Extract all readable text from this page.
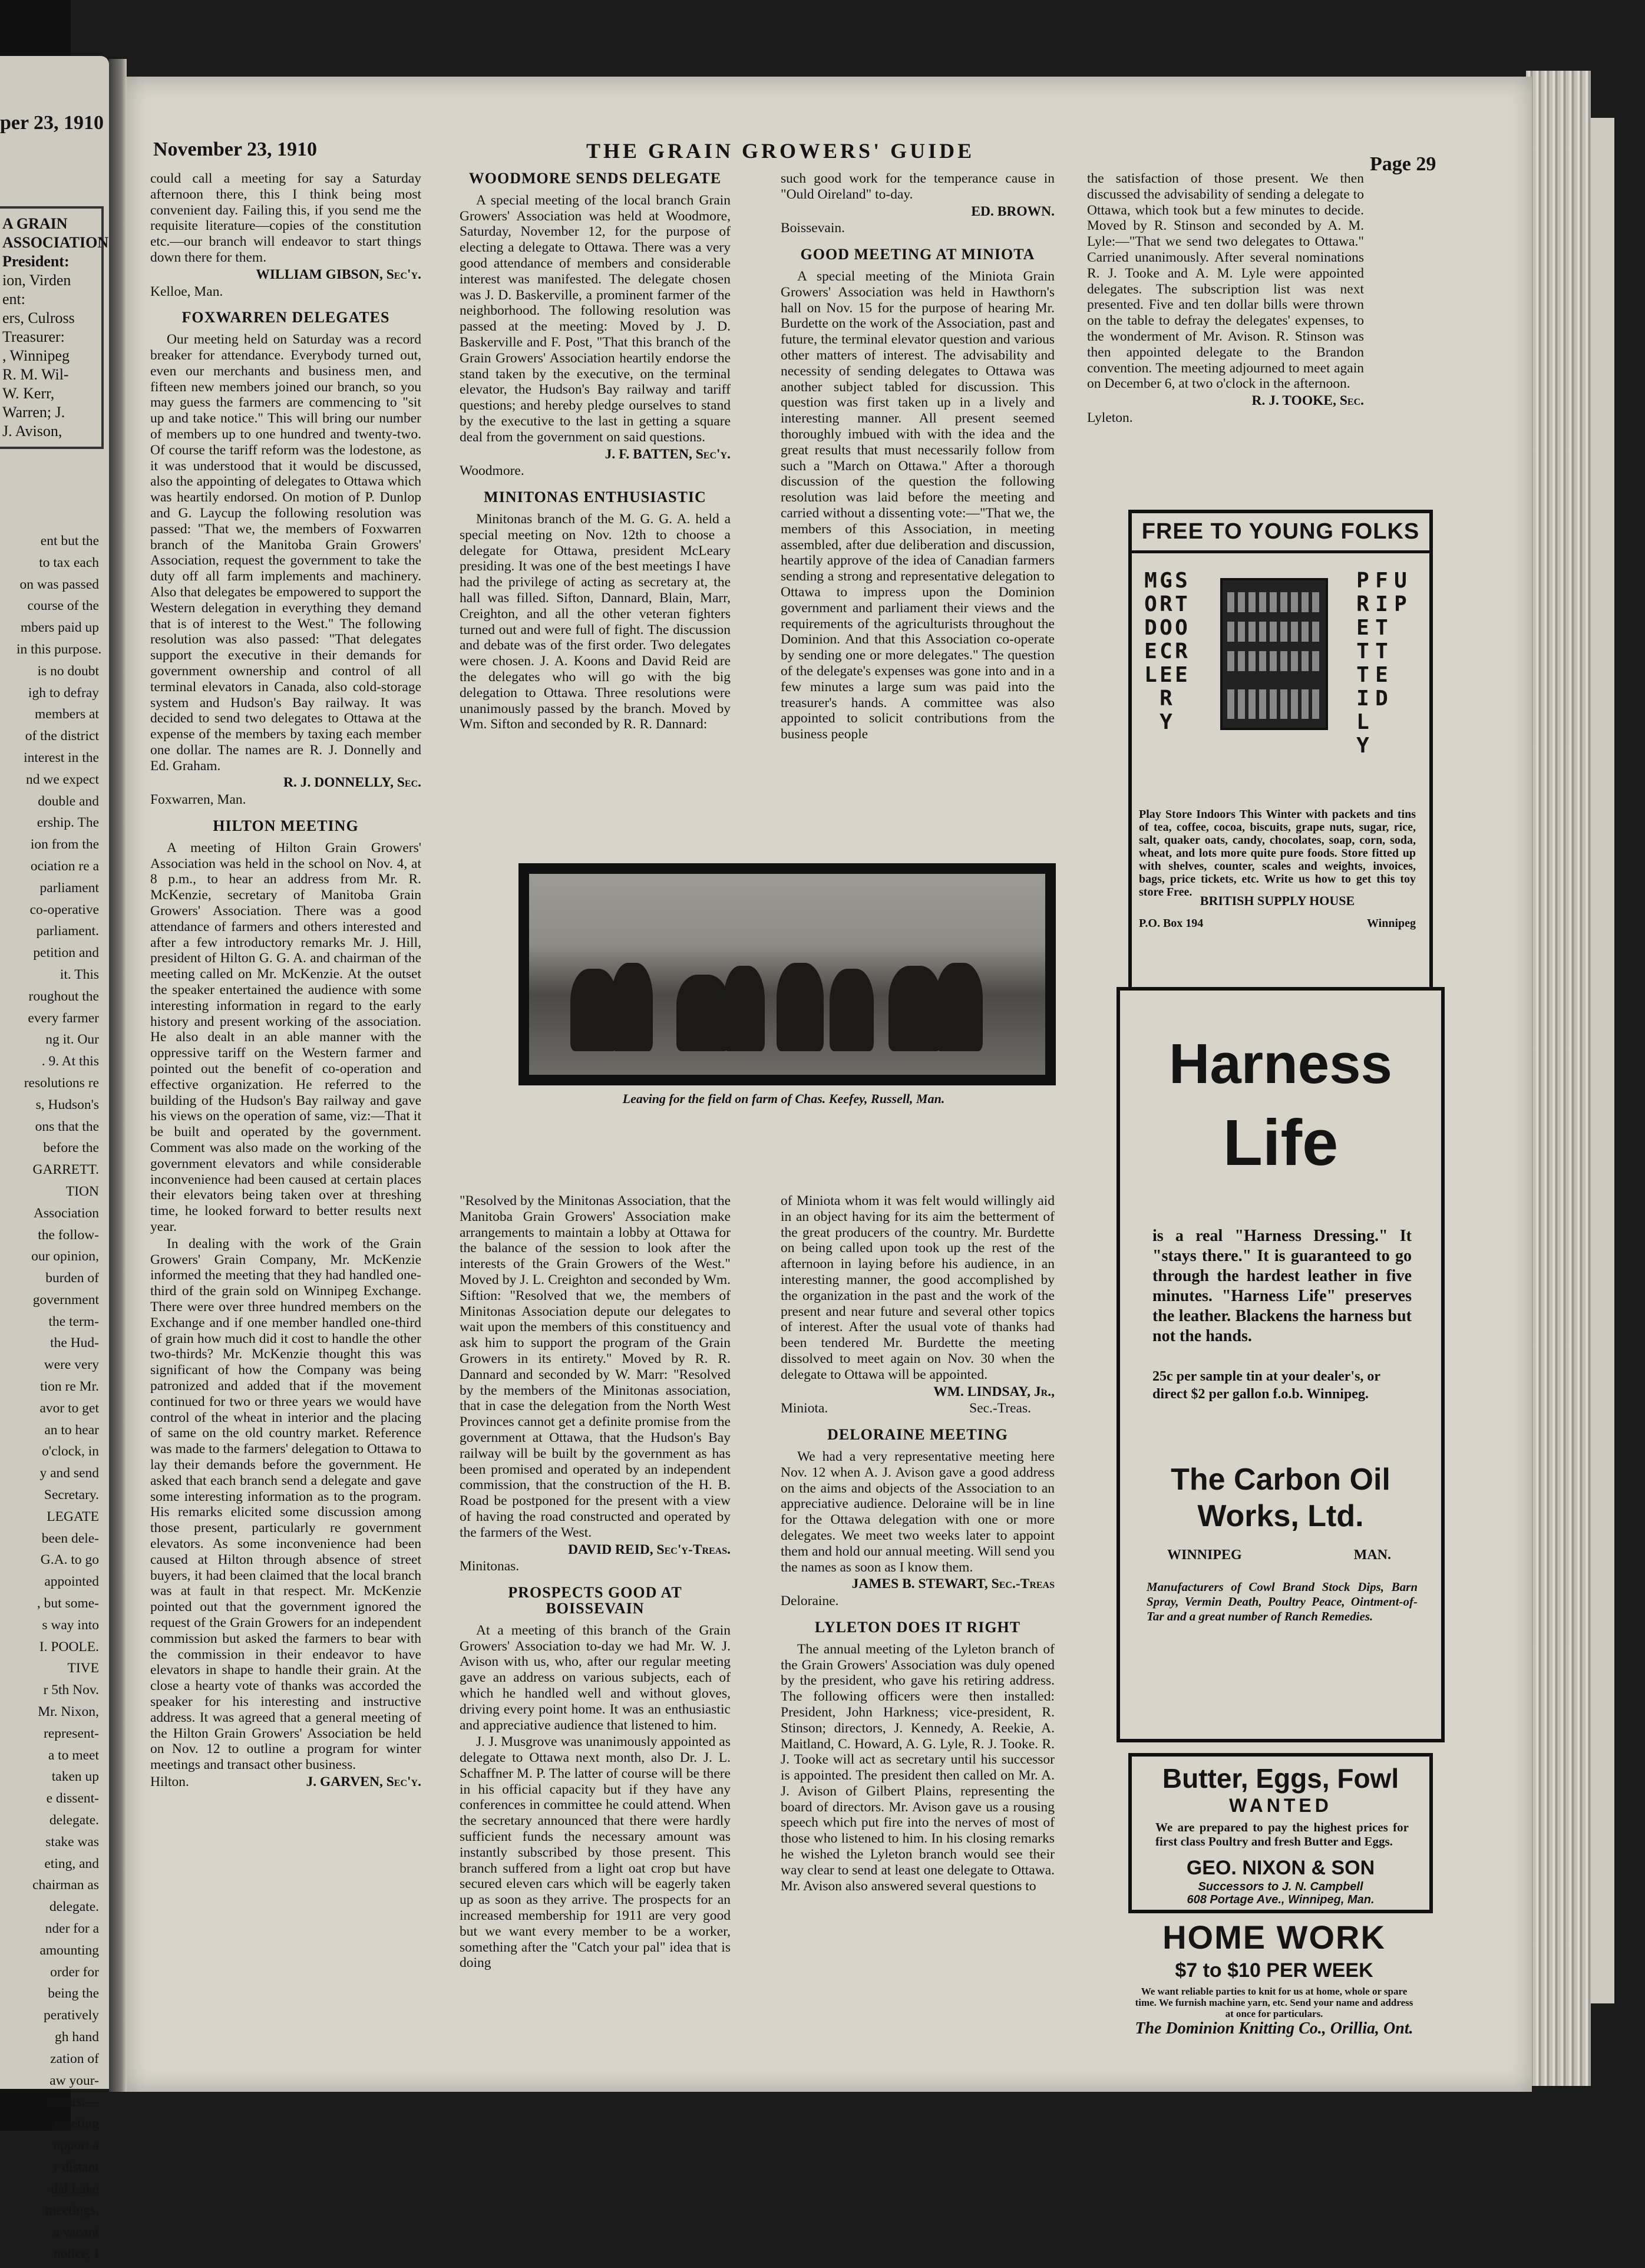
per 23, 1910
A GRAIN
ASSOCIATION
President:
ion, Virden
ent:
ers, Culross
Treasurer:
, Winnipeg
R. M. Wil-
W. Kerr,
Warren; J.
J. Avison,

ent but the

to tax each

on was passed

course of the

mbers paid up

in this purpose.

is no doubt

igh to defray

members at

of the district

interest in the

nd we expect

double and

ership. The

ion from the

ociation re a

parliament

co-operative

parliament.

petition and

it. This

roughout the

every farmer

ng it. Our

. 9. At this

resolutions re

s, Hudson's

ons that the

before the

GARRETT.

TION

Association

the follow-

our opinion,

burden of

government

the term-

the Hud-

were very

tion re Mr.

avor to get

an to hear

o'clock, in

y and send

Secretary.

LEGATE

been dele-

G.A. to go

appointed

, but some-

s way into

I. POOLE.

TIVE

r 5th Nov.

Mr. Nixon,

represent-

a to meet

taken up

e dissent-

delegate.

stake was

eting, and

chairman as

delegate.

nder for a

amounting

order for

being the

peratively

gh hand

zation of

aw your-

om us:—

meeting

upport a

r distant

dal Lake

meetings,

a vacant

notice, I

November 23, 1910	THE GRAIN GROWERS' GUIDE
Page 29

could call a meeting for say a Saturday afternoon there, this I think being most convenient day. Failing this, if you send me the requisite literature—copies of the constitution etc.—our branch will endeavor to start things down there for them.

WILLIAM GIBSON, Sec'y.

Kelloe, Man.

FOXWARREN DELEGATES

Our meeting held on Saturday was a record breaker for attendance. Everybody turned out, even our merchants and business men, and fifteen new members joined our branch, so you may guess the farmers are commencing to "sit up and take notice." This will bring our number of members up to one hundred and twenty-two. Of course the tariff reform was the lodestone, as it was understood that it would be discussed, also the appointing of delegates to Ottawa which was heartily endorsed. On motion of P. Dunlop and G. Laycup the following resolution was passed: "That we, the members of Foxwarren branch of the Manitoba Grain Growers' Association, request the government to take the duty off all farm implements and machinery. Also that delegates be empowered to support the Western delegation in everything they demand that is of interest to the West." The following resolution was also passed: "That delegates support the executive in their demands for government ownership and control of all terminal elevators in Canada, also cold-storage system and Hudson's Bay railway. It was decided to send two delegates to Ottawa at the expense of the members by taxing each member one dollar. The names are R. J. Donnelly and Ed. Graham.

R. J. DONNELLY, Sec.

Foxwarren, Man.

HILTON MEETING

A meeting of Hilton Grain Growers' Association was held in the school on Nov. 4, at 8 p.m., to hear an address from Mr. R. McKenzie, secretary of Manitoba Grain Growers' Association. There was a good attendance of farmers and others interested and after a few introductory remarks Mr. J. Hill, president of Hilton G. G. A. and chairman of the meeting called on Mr. McKenzie. At the outset the speaker entertained the audience with some interesting information in regard to the early history and present working of the association. He also dealt in an able manner with the oppressive tariff on the Western farmer and pointed out the benefit of co-operation and effective organization. He referred to the building of the Hudson's Bay railway and gave his views on the operation of same, viz:—That it be built and operated by the government. Comment was also made on the working of the government elevators and while considerable inconvenience had been caused at certain places their elevators being taken over at threshing time, he looked forward to better results next year.

In dealing with the work of the Grain Growers' Grain Company, Mr. McKenzie informed the meeting that they had handled one-third of the grain sold on Winnipeg Exchange. There were over three hundred members on the Exchange and if one member handled one-third of grain how much did it cost to handle the other two-thirds? Mr. McKenzie thought this was significant of how the Company was being patronized and added that if the movement continued for two or three years we would have control of the wheat in interior and the placing of same on the old country market. Reference was made to the farmers' delegation to Ottawa to lay their demands before the government. He asked that each branch send a delegate and gave some interesting information as to the program. His remarks elicited some discussion among those present, particularly re government elevators. As some inconvenience had been caused at Hilton through absence of street buyers, it had been claimed that the local branch was at fault in that respect. Mr. McKenzie pointed out that the government ignored the request of the Grain Growers for an independent commission but asked the farmers to bear with the commission in their endeavor to have elevators in shape to handle their grain. At the close a hearty vote of thanks was accorded the speaker for his interesting and instructive address. It was agreed that a general meeting of the Hilton Grain Growers' Association be held on Nov. 12 to outline a program for winter meetings and transact other business.

Hilton.	J. GARVEN, Sec'y.
WOODMORE SENDS DELEGATE

A special meeting of the local branch Grain Growers' Association was held at Woodmore, Saturday, November 12, for the purpose of electing a delegate to Ottawa. There was a very good attendance of members and considerable interest was manifested. The delegate chosen was J. D. Baskerville, a prominent farmer of the neighborhood. The following resolution was passed at the meeting: Moved by J. D. Baskerville and F. Post, "That this branch of the Grain Growers' Association heartily endorse the stand taken by the executive, on the terminal elevator, the Hudson's Bay railway and tariff questions; and hereby pledge ourselves to stand by the executive to the last in getting a square deal from the government on said questions.

J. F. BATTEN, Sec'y.

Woodmore.

MINITONAS ENTHUSIASTIC

Minitonas branch of the M. G. G. A. held a special meeting on Nov. 12th to choose a delegate for Ottawa, president McLeary presiding. It was one of the best meetings I have had the privilege of acting as secretary at, the hall was filled. Sifton, Dannard, Blain, Marr, Creighton, and all the other veteran fighters turned out and were full of fight. The discussion and debate was of the first order. Two delegates were chosen. J. A. Koons and David Reid are the delegates who will go with the big delegation to Ottawa. Three resolutions were unanimously passed by the branch. Moved by Wm. Sifton and seconded by R. R. Dannard:

such good work for the temperance cause in "Ould Oireland" to-day.

ED. BROWN.

Boissevain.

GOOD MEETING AT MINIOTA

A special meeting of the Miniota Grain Growers' Association was held in Hawthorn's hall on Nov. 15 for the purpose of hearing Mr. Burdette on the work of the Association, past and future, the terminal elevator question and various other matters of interest. The advisability and necessity of sending delegates to Ottawa was another subject tabled for discussion. This question was first taken up in a lively and interesting manner. All present seemed thoroughly imbued with with the idea and the great results that must necessarily follow from such a "March on Ottawa." After a thorough discussion of the question the following resolution was laid before the meeting and carried without a dissenting vote:—"That we, the members of this Association, in meeting assembled, after due deliberation and discussion, heartily approve of the idea of Canadian farmers sending a strong and representative delegation to Ottawa to impress upon the Dominion government and parliament their views and the requirements of the agriculturists throughout the Dominion. And that this Association co-operate by sending one or more delegates." The question of the delegate's expenses was gone into and in a few minutes a large sum was paid into the treasurer's hands. A committee was also appointed to solicit contributions from the business people

the satisfaction of those present. We then discussed the advisability of sending a delegate to Ottawa, which took but a few minutes to decide. Moved by R. Stinson and seconded by A. M. Lyle:—"That we send two delegates to Ottawa." Carried unanimously. After several nominations R. J. Tooke and A. M. Lyle were appointed delegates. The subscription list was next presented. Five and ten dollar bills were thrown on the table to defray the delegates' expenses, to the wonderment of Mr. Avison. R. Stinson was then appointed delegate to the Brandon convention. The meeting adjourned to meet again on December 6, at two o'clock in the afternoon.

R. J. TOOKE, Sec.

Lyleton.

Leaving for the field on farm of Chas. Keefey, Russell, Man.

"Resolved by the Minitonas Association, that the Manitoba Grain Growers' Association make arrangements to maintain a lobby at Ottawa for the balance of the session to look after the interests of the Grain Growers of the West." Moved by J. L. Creighton and seconded by Wm. Siftion: "Resolved that we, the members of Minitonas Association depute our delegates to wait upon the members of this constituency and ask him to support the program of the Grain Growers in its entirety." Moved by R. R. Dannard and seconded by W. Marr: "Resolved by the members of the Minitonas association, that in case the delegation from the North West Provinces cannot get a definite promise from the government at Ottawa, that the Hudson's Bay railway will be built by the government as has been promised and operated by an independent commission, that the construction of the H. B. Road be postponed for the present with a view of having the road constructed and operated by the farmers of the West.

DAVID REID, Sec'y-Treas.

Minitonas.

PROSPECTS GOOD AT BOISSEVAIN

At a meeting of this branch of the Grain Growers' Association to-day we had Mr. W. J. Avison with us, who, after our regular meeting gave an address on various subjects, each of which he handled well and without gloves, driving every point home. It was an enthusiastic and appreciative audience that listened to him.

J. J. Musgrove was unanimously appointed as delegate to Ottawa next month, also Dr. J. L. Schaffner M. P. The latter of course will be there in his official capacity but if they have any conferences in committee he could attend. When the secretary announced that there were hardly sufficient funds the necessary amount was instantly subscribed by those present. This branch suffered from a light oat crop but have secured eleven cars which will be eagerly taken up as soon as they arrive. The prospects for an increased membership for 1911 are very good but we want every member to be a worker, something after the "Catch your pal" idea that is doing

of Miniota whom it was felt would willingly aid in an object having for its aim the betterment of the great producers of the country. Mr. Burdette on being called upon took up the rest of the afternoon in laying before his audience, in an interesting manner, the good accomplished by the organization in the past and the work of the present and near future and several other topics of interest. After the usual vote of thanks had been tendered Mr. Burdette the meeting dissolved to meet again on Nov. 30 when the delegate to Ottawa will be appointed.

WM. LINDSAY, Jr.,

Miniota.	Sec.-Treas.
DELORAINE MEETING

We had a very representative meeting here Nov. 12 when A. J. Avison gave a good address on the aims and objects of the Association to an appreciative audience. Deloraine will be in line for the Ottawa delegation with one or more delegates. We meet two weeks later to appoint them and hold our annual meeting. Will send you the names as soon as I know them.

JAMES B. STEWART, Sec.-Treas

Deloraine.

LYLETON DOES IT RIGHT

The annual meeting of the Lyleton branch of the Grain Growers' Association was duly opened by the president, who gave his retiring address. The following officers were then installed: President, John Harkness; vice-president, R. Stinson; directors, J. Kennedy, A. Reekie, A. Maitland, C. Howard, A. G. Lyle, R. J. Tooke. R. J. Tooke will act as secretary until his successor is appointed. The president then called on Mr. A. J. Avison of Gilbert Plains, representing the board of directors. Mr. Avison gave us a rousing speech which put fire into the nerves of most of those who listened to him. In his closing remarks he wished the Lyleton branch would see their way clear to send at least one delegate to Ottawa. Mr. Avison also answered several questions to

FREE TO YOUNG FOLKS
MODEL
GROCERY
STORE
PRETTILY
FITTED
UP
Play Store Indoors This Winter with packets and tins of tea, coffee, cocoa, biscuits, grape nuts, sugar, rice, salt, quaker oats, candy, chocolates, soap, corn, soda, wheat, and lots more quite pure foods. Store fitted up with shelves, counter, scales and weights, invoices, bags, price tickets, etc. Write us how to get this toy store Free.
BRITISH SUPPLY HOUSE
P.O. Box 194	Winnipeg
Harness
Life
is a real "Harness Dressing." It "stays there." It is guaranteed to go through the hardest leather in five minutes. "Harness Life" preserves the leather. Blackens the harness but not the hands.
25c per sample tin at your dealer's, or direct $2 per gallon f.o.b. Winnipeg.
The Carbon Oil
Works, Ltd.
WINNIPEG	MAN.
Manufacturers of Cowl Brand Stock Dips, Barn Spray, Vermin Death, Poultry Peace, Ointment-of-Tar and a great number of Ranch Remedies.
Butter, Eggs, Fowl
WANTED
We are prepared to pay the highest prices for first class Poultry and fresh Butter and Eggs.
GEO. NIXON & SON
Successors to J. N. Campbell
608 Portage Ave., Winnipeg, Man.
HOME WORK
$7 to $10 PER WEEK
We want reliable parties to knit for us at home, whole or spare time. We furnish machine yarn, etc. Send your name and address at once for particulars.
The Dominion Knitting Co., Orillia, Ont.
